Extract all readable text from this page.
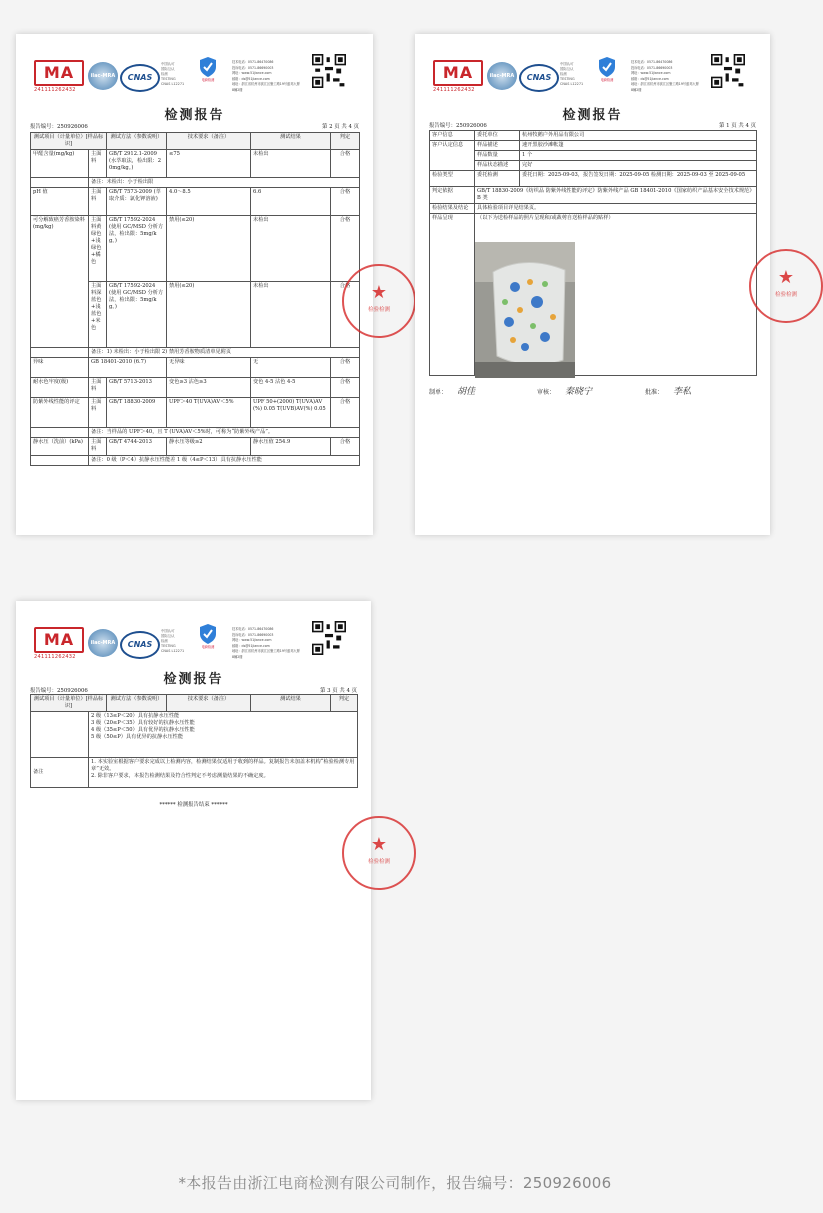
MA
241111262432
ilac-MRA	CNAS
中国认可
国际互认
检测
TESTING
CNAS L12271
电商检测
技术电话：0571-86470086
投诉电话：0571-86690003
网址：www.51jiance.com
邮箱：ds@51jiance.com
地址：浙江省杭州市滨江区聚工路19号盛邦大厦
8幢2楼
检测报告
报告编号：250926006	第 2 页 共 4 页
测试项目（计量单位）[样品标识]		测试方法（参数说明）	技术要求（备注）	测试结果	判定
甲醛含量(mg/kg)	主面料	GB/T 2912.1-2009 (水萃取法，检出限：20mg/kg。)	≤75	未检出	合格
	备注：未检出：小于检出限				
pH 值	主面料	GB/T 7573-2009 (萃取介质：氯化钾溶液)	4.0～8.5	6.6	合格
可分解致癌芳香胺染料(mg/kg)	主面料黄绿色+浅绿色+橘色	GB/T 17592-2024 (使用 GC/MSD 分析方法，检出限：5mg/kg。)	禁用(≤20)	未检出	合格
	主面料深蓝色+浅蓝色+米色	GB/T 17592-2024 (使用 GC/MSD 分析方法，检出限：5mg/kg。)	禁用(≤20)	未检出	合格
	备注：1) 未检出：小于检出限 2) 禁用芳香胺物质清单见附页				
异味	GB 18401-2010 (6.7)		无异味	无	合格
耐水色牢度(级)	主面料	GB/T 5713-2013	变色≥3 沾色≥3	变色 4-5 沾色 4-5	合格
防紫外线性能的评定	主面料	GB/T 18830-2009	UPF＞40 T(UVA)AV＜5%	UPF 50+(2000) T(UVA)AV(%) 0.05 T(UVB)AV(%) 0.05	合格
	备注：当样品的 UPF＞40，且 T (UVA)AV＜5%时，可称为“防紫外线产品”。				
静水压（洗前）(kPa)	主面料	GB/T 4744-2013	静水压等级≥2	静水压值 254.9	合格
	备注：0 级（P＜4）抗静水压性能差 1 级（4≤P＜13）具有抗静水压性能				
★
检验检测
MA
241111262432
ilac-MRA	CNAS
中国认可
国际互认
检测
TESTING
CNAS L12271
电商检测
技术电话：0571-86470086
投诉电话：0571-86690003
网址：www.51jiance.com
邮箱：ds@51jiance.com
地址：浙江省杭州市滨江区聚工路19号盛邦大厦
8幢2楼
检测报告
报告编号：250926006	第 1 页 共 4 页
客户信息	委托单位	杭州牧鹅户外用品有限公司
客户认定信息	样品描述	速开黑胶沙滩帐篷
	样品数量	1 个
	样品状态描述	完好
检验类型	委托检测	委托日期：2025-09-03，报告签发日期：2025-09-05 检测日期：2025-09-03 至 2025-09-05
判定依据	GB/T 18830-2009《纺织品 防紫外线性能的评定》防紫外线产品 GB 18401-2010《国家纺织产品基本安全技术规范》B 类	
检验结果及结论	具体检验项目详见结果页。	
样品呈现	（以下为送检样品的照片呈现和/或裁剪自送检样品的贴样）	
制单： 胡佳	审核： 秦晓宁	批准： 李私
★
检验检测
MA
241111262432
ilac-MRA	CNAS
中国认可
国际互认
检测
TESTING
CNAS L12271
电商检测
技术电话：0571-86470086
投诉电话：0571-86690003
网址：www.51jiance.com
邮箱：ds@51jiance.com
地址：浙江省杭州市滨江区聚工路19号盛邦大厦
8幢2楼
检测报告
报告编号：250926006	第 3 页 共 4 页
测试项目（计量单位）[样品标识]		测试方法（参数说明）	技术要求（备注）	测试结果	判定

	2 级（13≤P＜20）具有抗静水压性能
3 级（20≤P＜35）具有较好的抗静水压性能
4 级（35≤P＜50）具有优异的抗静水压性能
5 级（50≤P）具有优异的抗静水压性能				

备注	1. 本实验室根据客户要求完成以上检测内容，检测结果仅适用于收到的样品。复制报告未加盖本机构“检验检测专用章”无效。
2. 除非客户要求，本报告检测结果及符合性判定不考虑测量结果的不确定度。				
****** 检测报告结束 ******
★
检验检测
*本报告由浙江电商检测有限公司制作，报告编号：250926006
